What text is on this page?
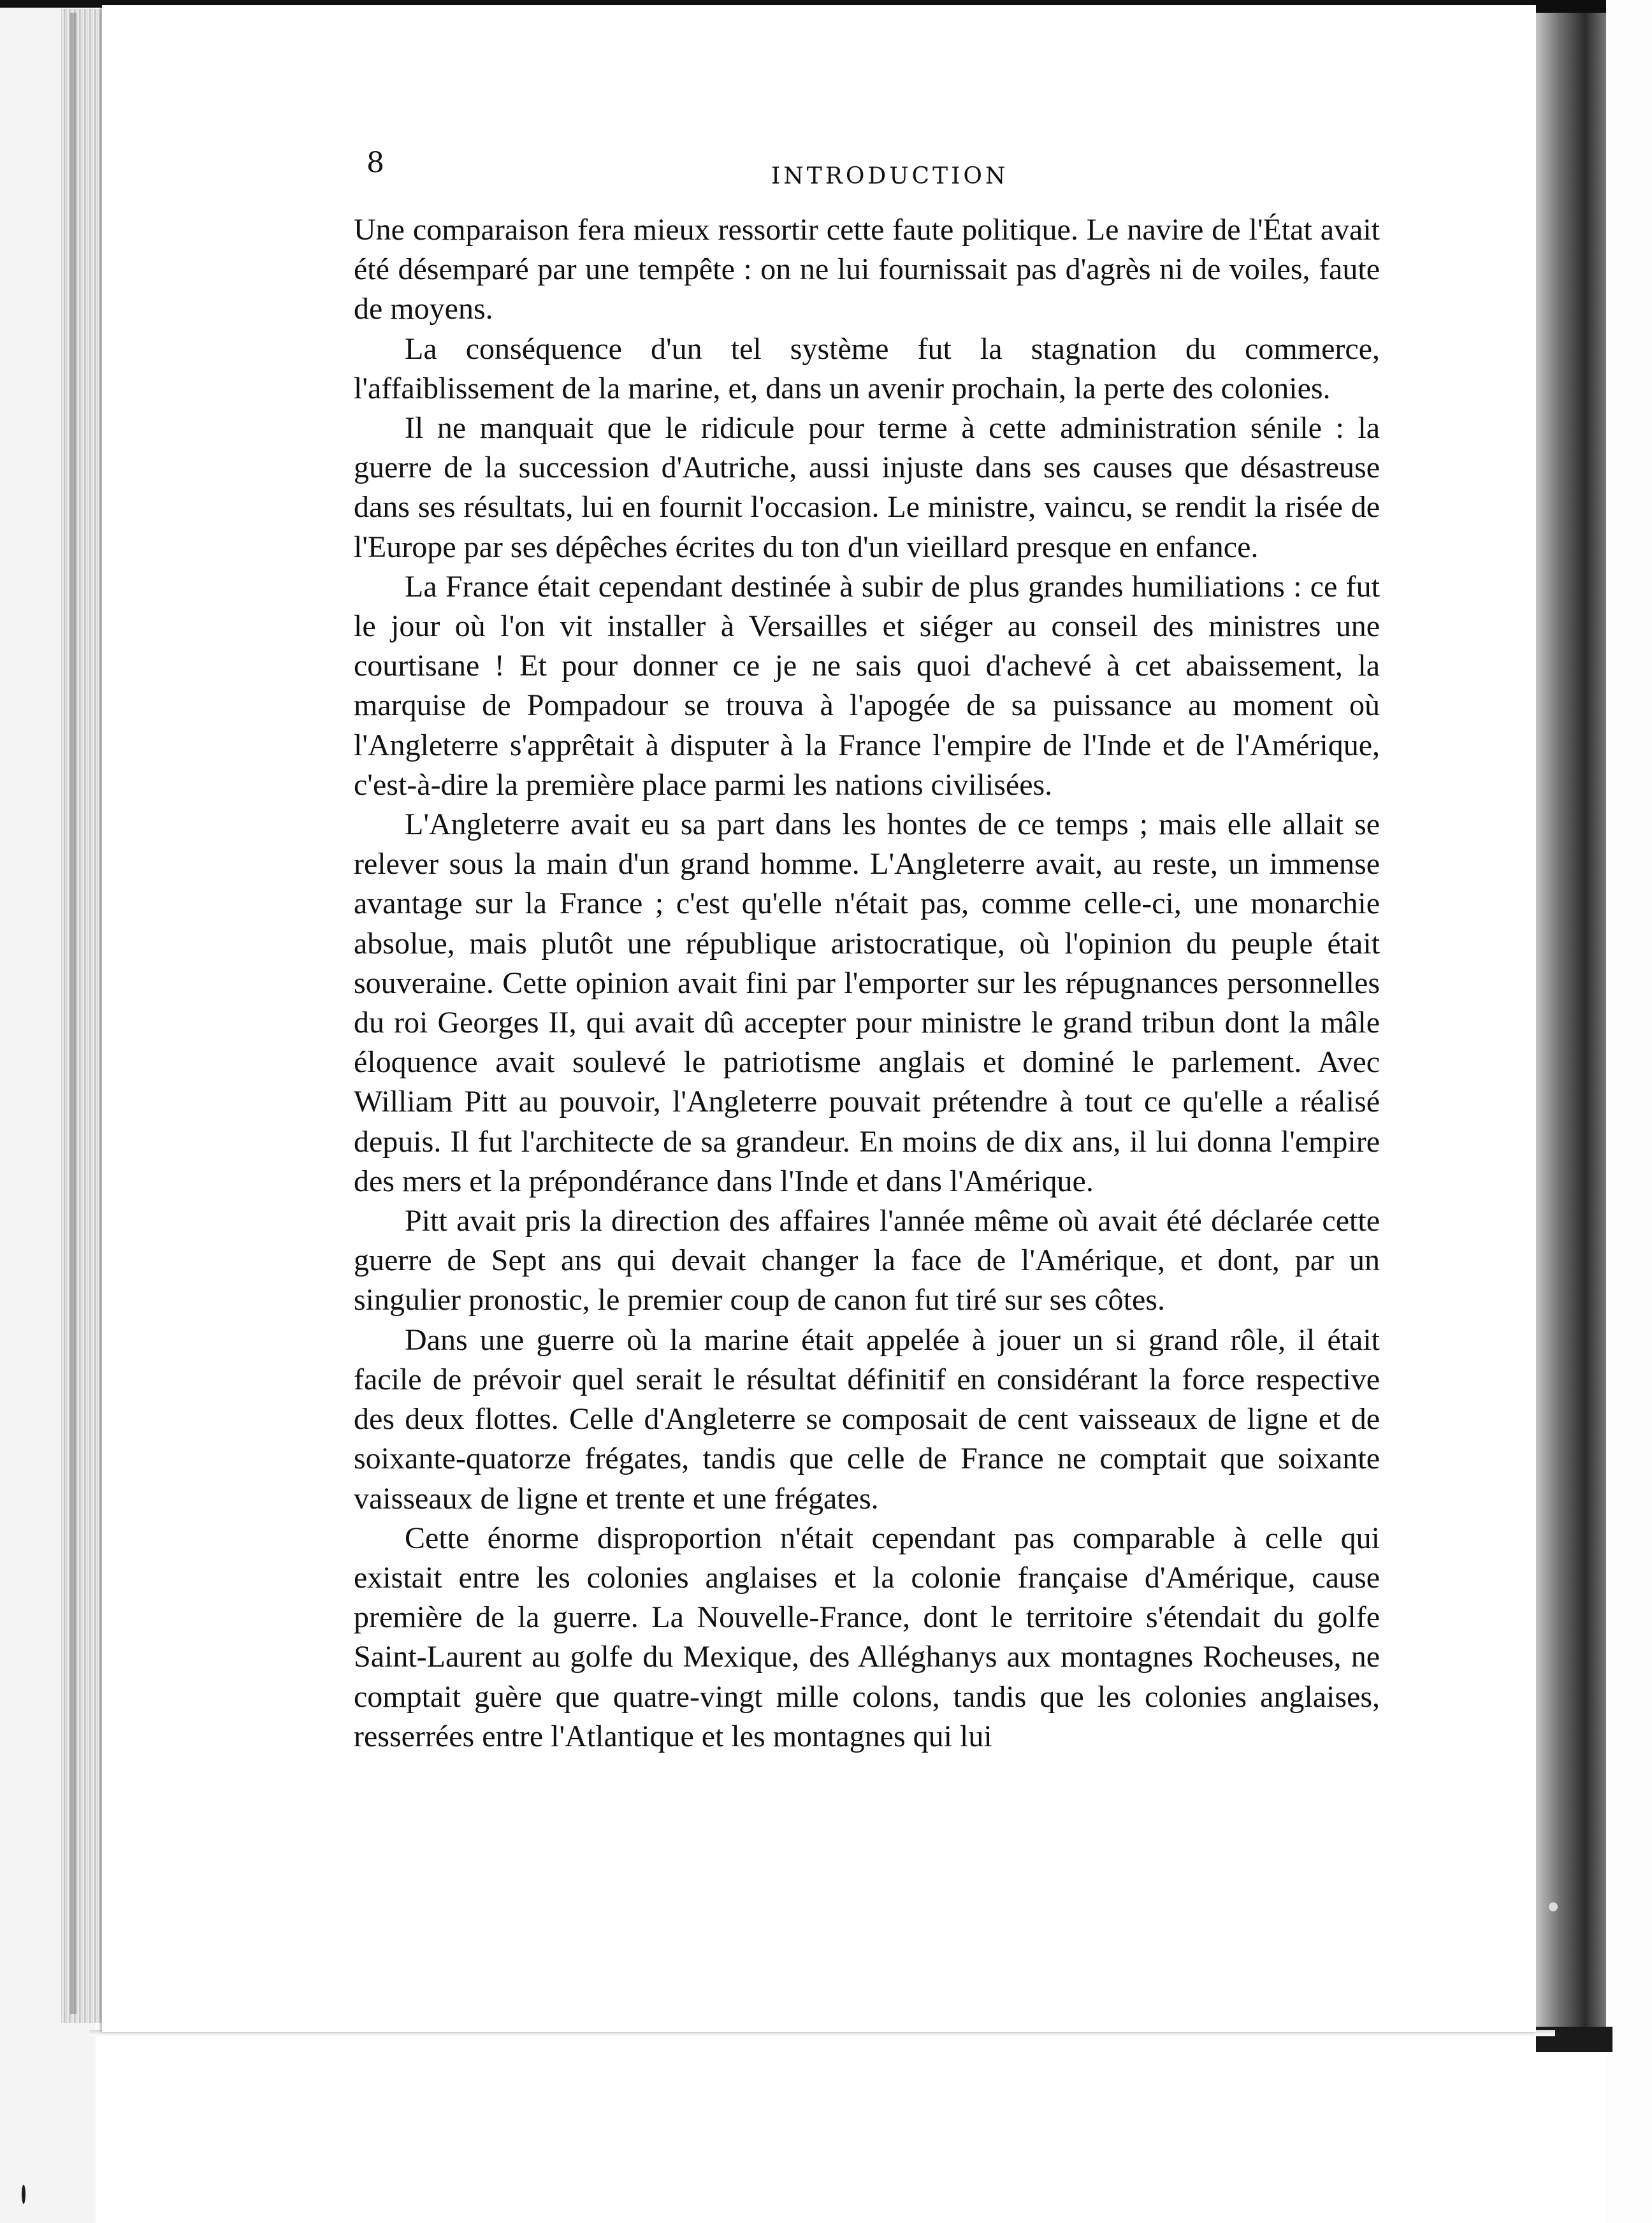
8	INTRODUCTION

Une comparaison fera mieux ressortir cette faute politique. Le navire de l'État avait été désemparé par une tempête : on ne lui fournissait pas d'agrès ni de voiles, faute de moyens.

La conséquence d'un tel système fut la stagnation du commerce, l'affaiblissement de la marine, et, dans un avenir prochain, la perte des colonies.

Il ne manquait que le ridicule pour terme à cette administration sénile : la guerre de la succession d'Autriche, aussi injuste dans ses causes que désastreuse dans ses résultats, lui en fournit l'occasion. Le ministre, vaincu, se rendit la risée de l'Europe par ses dépêches écrites du ton d'un vieillard presque en enfance.

La France était cependant destinée à subir de plus grandes humiliations : ce fut le jour où l'on vit installer à Versailles et siéger au conseil des ministres une courtisane ! Et pour donner ce je ne sais quoi d'achevé à cet abaissement, la marquise de Pompadour se trouva à l'apogée de sa puissance au moment où l'Angleterre s'apprêtait à disputer à la France l'empire de l'Inde et de l'Amérique, c'est-à-dire la première place parmi les nations civilisées.

L'Angleterre avait eu sa part dans les hontes de ce temps ; mais elle allait se relever sous la main d'un grand homme. L'Angleterre avait, au reste, un immense avantage sur la France ; c'est qu'elle n'était pas, comme celle-ci, une monarchie absolue, mais plutôt une république aristocratique, où l'opinion du peuple était souveraine. Cette opinion avait fini par l'emporter sur les répugnances personnelles du roi Georges II, qui avait dû accepter pour ministre le grand tribun dont la mâle éloquence avait soulevé le patriotisme anglais et dominé le parlement. Avec William Pitt au pouvoir, l'Angleterre pouvait prétendre à tout ce qu'elle a réalisé depuis. Il fut l'architecte de sa grandeur. En moins de dix ans, il lui donna l'empire des mers et la prépondérance dans l'Inde et dans l'Amérique.

Pitt avait pris la direction des affaires l'année même où avait été déclarée cette guerre de Sept ans qui devait changer la face de l'Amérique, et dont, par un singulier pronostic, le premier coup de canon fut tiré sur ses côtes.

Dans une guerre où la marine était appelée à jouer un si grand rôle, il était facile de prévoir quel serait le résultat définitif en considérant la force respective des deux flottes. Celle d'Angleterre se composait de cent vaisseaux de ligne et de soixante-quatorze frégates, tandis que celle de France ne comptait que soixante vaisseaux de ligne et trente et une frégates.

Cette énorme disproportion n'était cependant pas comparable à celle qui existait entre les colonies anglaises et la colonie française d'Amérique, cause première de la guerre. La Nouvelle-France, dont le territoire s'étendait du golfe Saint-Laurent au golfe du Mexique, des Alléghanys aux montagnes Rocheuses, ne comptait guère que quatre-vingt mille colons, tandis que les colonies anglaises, resserrées entre l'Atlantique et les montagnes qui lui
